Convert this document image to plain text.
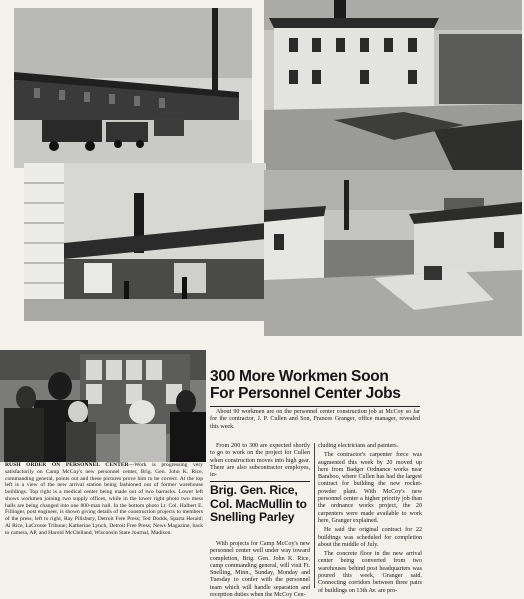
RUSH ORDER ON PERSONNEL CENTER—Work is progressing very satisfactorily on Camp McCoy's new personnel center, Brig. Gen. John K. Rice, commanding general, points out and these pictures prove him to be correct. At the top left is a view of the new arrival station being fashioned out of former warehouse buildings. Top right is a medical center being made out of two barracks. Lower left shows workmen joining two supply offices, while in the lower right photo two mess halls are being changed into one 800-man hall. In the bottom photo Lt. Col. Halbert E. Fillinger, post engineer, is shown giving details of the construction projects to members of the press, left to right, Ray Pillsbury, Detroit Free Press; Ted Dodds, Sparta Herald; Al Rice, LaCrosse Tribune; Katherine Lynch, Detroit Free Press; News Magazine, back to camera, AP, and Harold McClelland, Wisconsin State Journal, Madison.
300 More Workmen Soon
For Personnel Center Jobs

About 90 workmen are on the personnel center construction job at McCoy so far for the contractor, J. P. Cullen and Son, Frances Granger, office manager, revealed this week.

From 200 to 300 are expected shortly to go to work on the project for Cullen when construction moves into high gear. There are also subcontractor employes, in-

Brig. Gen. Rice, Col. MacMullin to Snelling Parley

With projects for Camp McCoy's new personnel center well under way toward completion, Brig. Gen. John K. Rice, camp commanding general, will visit Ft. Snelling, Minn., Sunday, Monday and Tuesday to confer with the personnel team which will handle separation and reception duties when the McCoy Cen-

cluding electricians and painters.

The contractor's carpenter force was augmented this week by 20 moved up here from Badger Ordnance works near Baraboo, where Cullen has had the largest contract for building the new rocket-powder plant. With McCoy's new personnel center a higher priority job than the ordnance works project, the 20 carpenters were made available to work here, Granger explained.

He said the original contract for 22 buildings was scheduled for completion about the middle of July.

The concrete floor in the new arrival center being converted from two warehouses behind post headquarters was poured this week, Granger said. Connecting corridors between three pairs of buildings on 13th Av. are pro-
